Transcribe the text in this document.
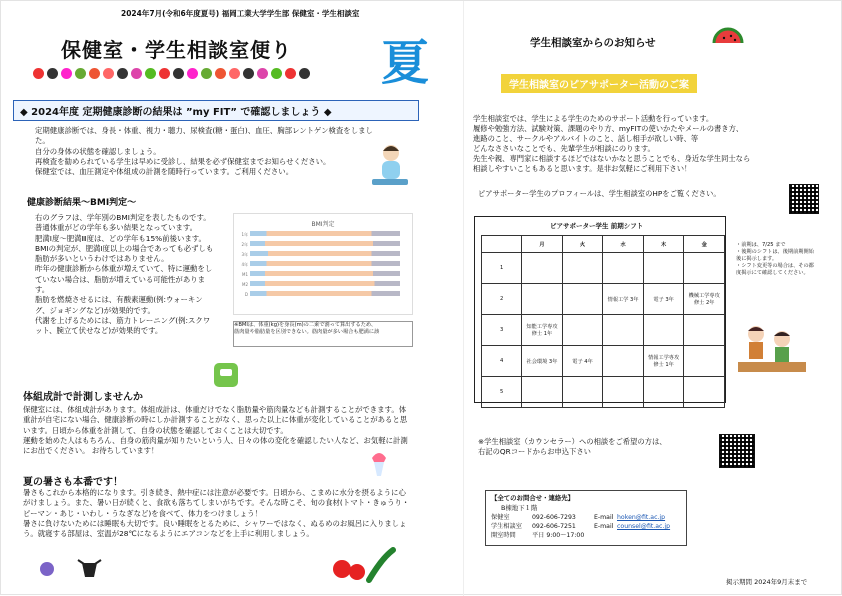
2024年7月(令和6年度夏号) 福岡工業大学学生部 保健室・学生相談室
保健室・学生相談室便り 夏
◆ 2024年度 定期健康診断の結果は ”my FIT” で確認しましょう ◆
定期健康診断では、身長・体重、視力・聴力、尿検査(糖・蛋白)、血圧、胸部レントゲン検査をしました。
自分の身体の状態を確認しましょう。
再検査を勧められている学生は早めに受診し、結果を必ず保健室までお知らせください。
保健室では、血圧測定や体組成の計測を随時行っています。ご利用ください。
健康診断結果～BMI判定～
右のグラフは、学年別のBMI判定を表したものです。普通体重がどの学年も多い結果となっています。
肥満Ⅰ度～肥満Ⅲ度は、どの学年も15%前後います。
BMIの判定が、肥満Ⅰ度以上の場合であっても必ずしも脂肪が多いというわけではありません。
昨年の健康診断から体重が増えていて、特に運動をしていない場合は、脂肪が増えている可能性があります。
脂肪を燃焼させるには、有酸素運動(例:ウォーキング、ジョギングなど)が効果的です。
代謝を上げるためには、筋力トレーニング(例:スクワット、腕立て伏せなど)が効果的です。
BMI判定
1年
2年
3年
4年
M1
M2
D
※BMIは、体重(kg)を身長(m)の二乗で割って算出するため、
筋肉量や脂肪量を区別できない。筋肉量が多い場合も肥満に該
体組成計で計測しませんか
保健室には、体組成計があります。体組成計は、体重だけでなく脂肪量や筋肉量なども計測することができます。体重計が自宅にない場合、健康診断の時にしか計測することがなく、思った以上に体重が変化していることがあると思います。日頃から体重を計測して、自身の状態を確認しておくことは大切です。
運動を始めた人はもちろん、自身の筋肉量が知りたいという人、日々の体の変化を確認したい人など、お気軽に計測にお出でください。 お待ちしています！
夏の暑さも本番です！
暑さもこれから本格的になります。引き続き、熱中症には注意が必要です。日頃から、こまめに水分を摂るように心がけましょう。また、暑い日が続くと、食欲も落ちてしまいがちです。そんな時こそ、旬の食材(トマト・きゅうり・ピーマン・あじ・いわし・うなぎなど)を食べて、体力をつけましょう！
暑さに負けないためには睡眠も大切です。良い睡眠をとるために、シャワーではなく、ぬるめのお風呂に入りましょう。就寝する部屋は、室温が28℃になるようにエアコンなどを上手に利用しましょう。
学生相談室からのお知らせ
学生相談室のピアサポーター活動のご案
学生相談室では、学生による学生のためのサポート活動を行っています。
履修や勉強方法、試験対策、課題のやり方、myFITの使いかたやメールの書き方、
進路のこと、サークルやアルバイトのこと、話し相手が欲しい時、等
どんなささいなことでも、先輩学生が相談にのります。
先生や親、専門家に相談するほどではないかなと思うことでも、身近な学生同士なら
相談しやすいこともあると思います。是非お気軽にご利用下さい！
ピアサポーター学生のプロフィールは、学生相談室のHPをご覧ください。
ピアサポーター学生 前期シフト
	月	火	水	木	金
1					
2			情報工学 3年	電子 3年	機械工学専攻 修士 2年
3	知能工学専攻 修士 1年				
4	社会環境 3年	電子 4年		情報工学専攻 修士 1年	
5					
・前期は、7/25 まで
・後期のシフトは、後期前期開始後に掲示します。
・シフト変更等の場合は、その都度掲示にて確認してください。
※学生相談室（カウンセラー）への相談をご希望の方は、
右記のQRコードからお申込下さい
【全てのお問合せ・連絡先】
B棟地下１階
保健室	092-606-7293	E-mail hoken@fit.ac.jp
学生相談室 092-606-7251	E-mail counsel@fit.ac.jp
開室時間	平日 9:00～17:00
掲示期間 2024年9月末まで
